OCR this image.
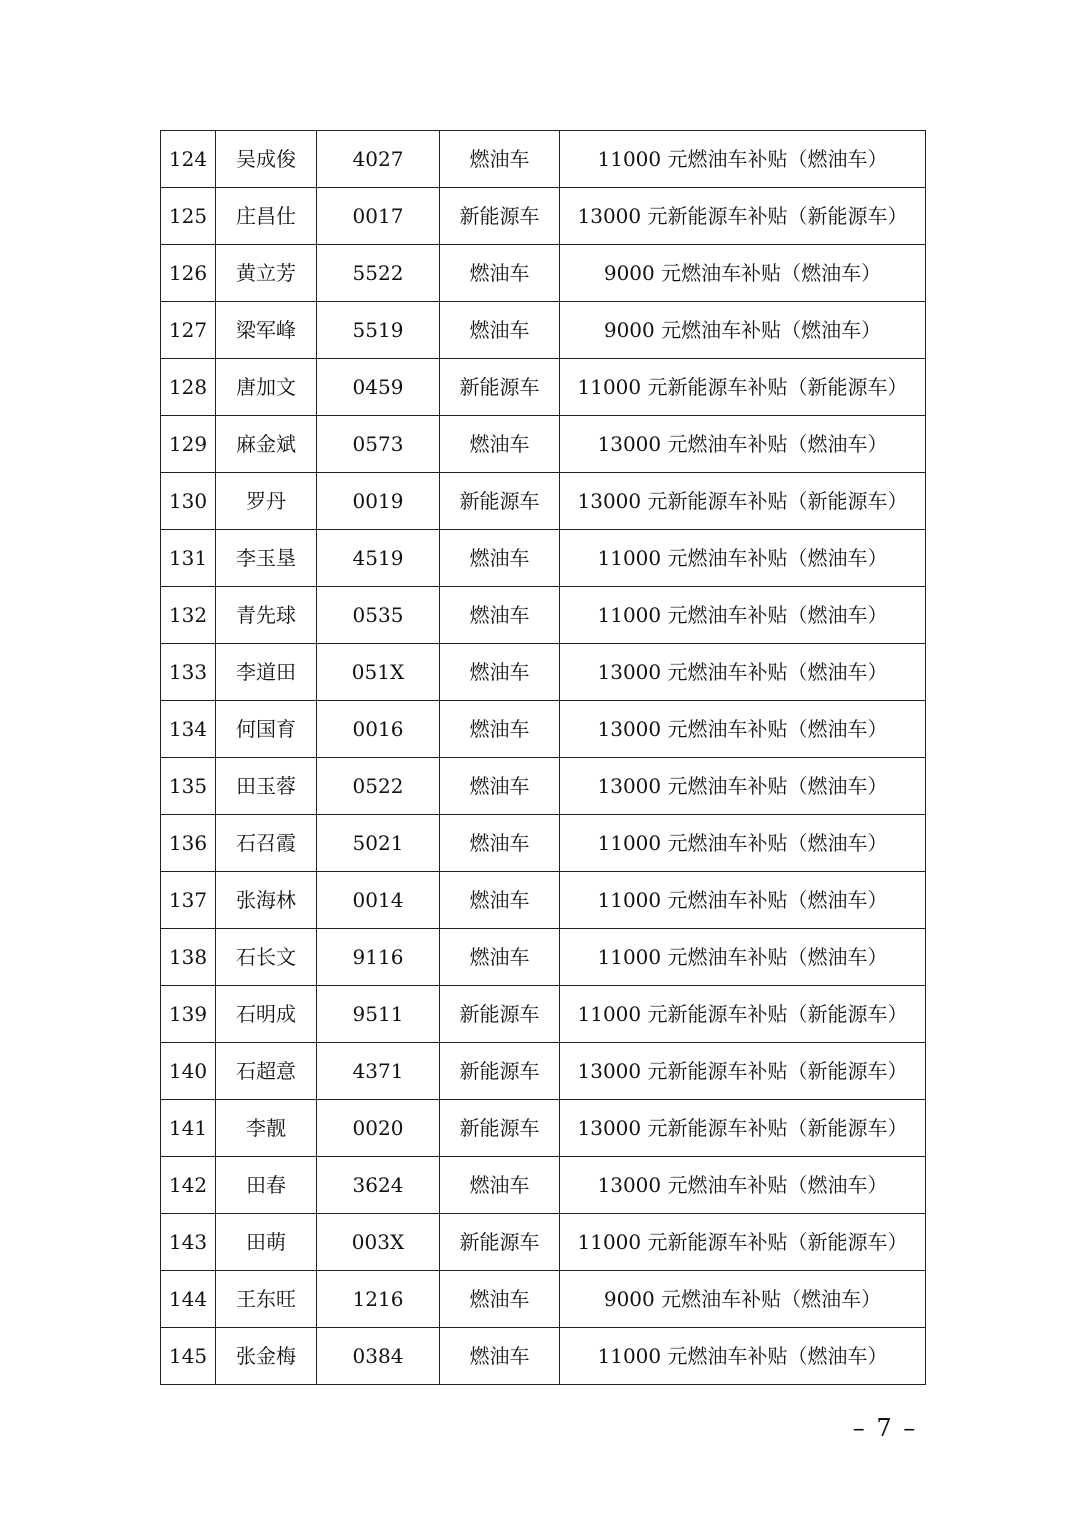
124	吴成俊	4027	燃油车	11000 元燃油车补贴（燃油车）
125	庄昌仕	0017	新能源车	13000 元新能源车补贴（新能源车）
126	黄立芳	5522	燃油车	9000 元燃油车补贴（燃油车）
127	梁军峰	5519	燃油车	9000 元燃油车补贴（燃油车）
128	唐加文	0459	新能源车	11000 元新能源车补贴（新能源车）
129	麻金斌	0573	燃油车	13000 元燃油车补贴（燃油车）
130	罗丹	0019	新能源车	13000 元新能源车补贴（新能源车）
131	李玉垦	4519	燃油车	11000 元燃油车补贴（燃油车）
132	青先球	0535	燃油车	11000 元燃油车补贴（燃油车）
133	李道田	051X	燃油车	13000 元燃油车补贴（燃油车）
134	何国育	0016	燃油车	13000 元燃油车补贴（燃油车）
135	田玉蓉	0522	燃油车	13000 元燃油车补贴（燃油车）
136	石召霞	5021	燃油车	11000 元燃油车补贴（燃油车）
137	张海林	0014	燃油车	11000 元燃油车补贴（燃油车）
138	石长文	9116	燃油车	11000 元燃油车补贴（燃油车）
139	石明成	9511	新能源车	11000 元新能源车补贴（新能源车）
140	石超意	4371	新能源车	13000 元新能源车补贴（新能源车）
141	李靓	0020	新能源车	13000 元新能源车补贴（新能源车）
142	田春	3624	燃油车	13000 元燃油车补贴（燃油车）
143	田萌	003X	新能源车	11000 元新能源车补贴（新能源车）
144	王东旺	1216	燃油车	9000 元燃油车补贴（燃油车）
145	张金梅	0384	燃油车	11000 元燃油车补贴（燃油车）
– 7 –
